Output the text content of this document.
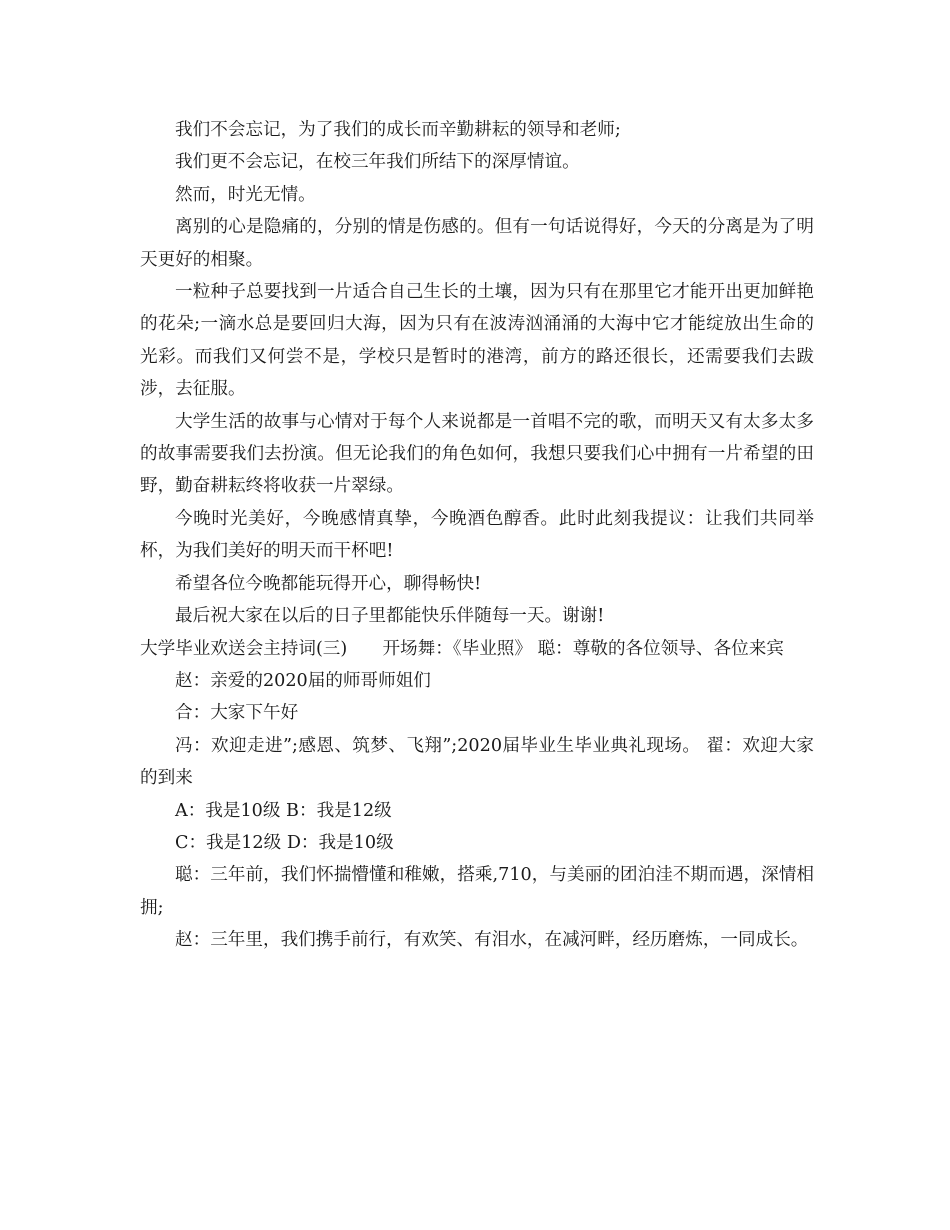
我们不会忘记，为了我们的成长而辛勤耕耘的领导和老师;

我们更不会忘记，在校三年我们所结下的深厚情谊。

然而，时光无情。

离别的心是隐痛的，分别的情是伤感的。但有一句话说得好，今天的分离是为了明天更好的相聚。

一粒种子总要找到一片适合自己生长的土壤，因为只有在那里它才能开出更加鲜艳的花朵;一滴水总是要回归大海，因为只有在波涛汹涌涌的大海中它才能绽放出生命的光彩。而我们又何尝不是，学校只是暂时的港湾，前方的路还很长，还需要我们去跋涉，去征服。

大学生活的故事与心情对于每个人来说都是一首唱不完的歌，而明天又有太多太多的故事需要我们去扮演。但无论我们的角色如何，我想只要我们心中拥有一片希望的田野，勤奋耕耘终将收获一片翠绿。

今晚时光美好，今晚感情真挚，今晚酒色醇香。此时此刻我提议：让我们共同举杯，为我们美好的明天而干杯吧!

希望各位今晚都能玩得开心，聊得畅快!

最后祝大家在以后的日子里都能快乐伴随每一天。谢谢!

大学毕业欢送会主持词(三)　　开场舞：《毕业照》 聪：尊敬的各位领导、各位来宾

赵：亲爱的2020届的师哥师姐们

合：大家下午好

冯：欢迎走进”;感恩、筑梦、飞翔”;2020届毕业生毕业典礼现场。 翟：欢迎大家的到来

A：我是10级 B：我是12级

C：我是12级 D：我是10级

聪：三年前，我们怀揣懵懂和稚嫩，搭乘,710，与美丽的团泊洼不期而遇，深情相拥;

赵：三年里，我们携手前行，有欢笑、有泪水，在减河畔，经历磨炼，一同成长。
